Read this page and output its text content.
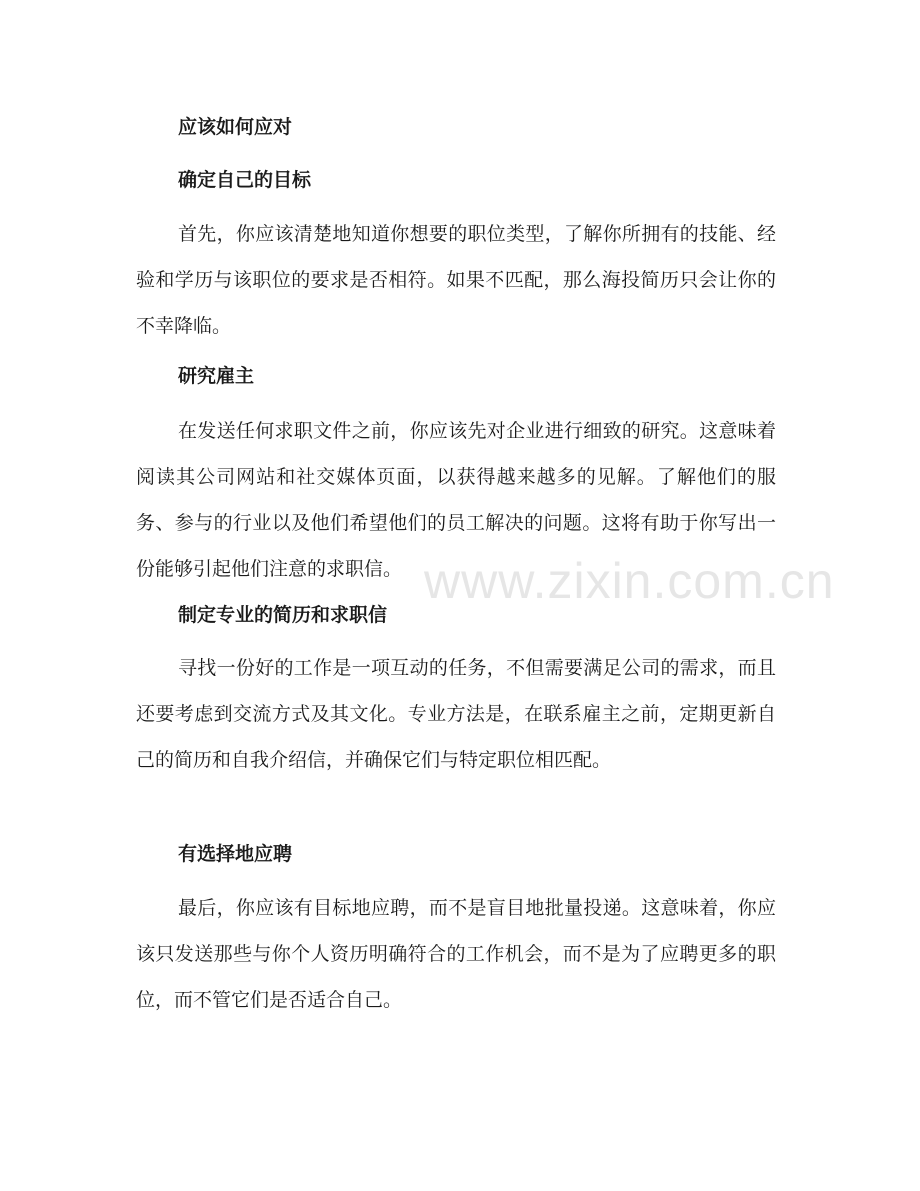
www.zixin.com.cn
应该如何应对
确定自己的目标
首先，你应该清楚地知道你想要的职位类型，了解你所拥有的技能、经验和学历与该职位的要求是否相符。如果不匹配，那么海投简历只会让你的不幸降临。
研究雇主
在发送任何求职文件之前，你应该先对企业进行细致的研究。这意味着阅读其公司网站和社交媒体页面，以获得越来越多的见解。了解他们的服务、参与的行业以及他们希望他们的员工解决的问题。这将有助于你写出一份能够引起他们注意的求职信。
制定专业的简历和求职信
寻找一份好的工作是一项互动的任务，不但需要满足公司的需求，而且还要考虑到交流方式及其文化。专业方法是，在联系雇主之前，定期更新自己的简历和自我介绍信，并确保它们与特定职位相匹配。
有选择地应聘
最后，你应该有目标地应聘，而不是盲目地批量投递。这意味着，你应该只发送那些与你个人资历明确符合的工作机会，而不是为了应聘更多的职位，而不管它们是否适合自己。
